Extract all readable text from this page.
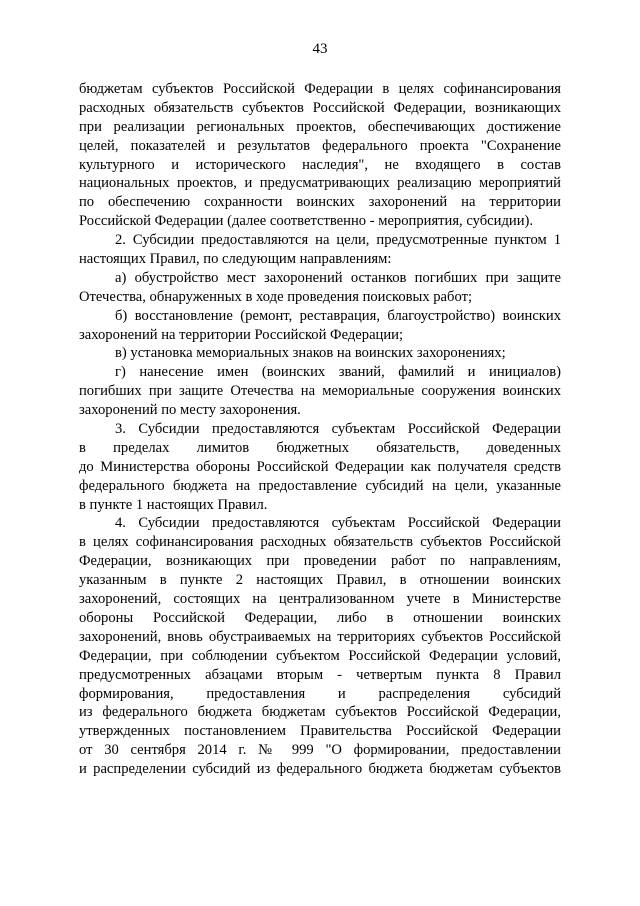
43
бюджетам субъектов Российской Федерации в целях софинансирования
расходных обязательств субъектов Российской Федерации, возникающих
при реализации региональных проектов, обеспечивающих достижение
целей, показателей и результатов федерального проекта "Сохранение
культурного и исторического наследия", не входящего в состав
национальных проектов, и предусматривающих реализацию мероприятий
по обеспечению сохранности воинских захоронений на территории
Российской Федерации (далее соответственно - мероприятия, субсидии).
2. Субсидии предоставляются на цели, предусмотренные пунктом 1
настоящих Правил, по следующим направлениям:
а) обустройство мест захоронений останков погибших при защите
Отечества, обнаруженных в ходе проведения поисковых работ;
б) восстановление (ремонт, реставрация, благоустройство) воинских
захоронений на территории Российской Федерации;
в) установка мемориальных знаков на воинских захоронениях;
г) нанесение имен (воинских званий, фамилий и инициалов)
погибших при защите Отечества на мемориальные сооружения воинских
захоронений по месту захоронения.
3. Субсидии предоставляются субъектам Российской Федерации
в пределах лимитов бюджетных обязательств, доведенных
до Министерства обороны Российской Федерации как получателя средств
федерального бюджета на предоставление субсидий на цели, указанные
в пункте 1 настоящих Правил.
4. Субсидии предоставляются субъектам Российской Федерации
в целях софинансирования расходных обязательств субъектов Российской
Федерации, возникающих при проведении работ по направлениям,
указанным в пункте 2 настоящих Правил, в отношении воинских
захоронений, состоящих на централизованном учете в Министерстве
обороны Российской Федерации, либо в отношении воинских
захоронений, вновь обустраиваемых на территориях субъектов Российской
Федерации, при соблюдении субъектом Российской Федерации условий,
предусмотренных абзацами вторым - четвертым пункта 8 Правил
формирования, предоставления и распределения субсидий
из федерального бюджета бюджетам субъектов Российской Федерации,
утвержденных постановлением Правительства Российской Федерации
от 30 сентября 2014 г. № 999 "О формировании, предоставлении
и распределении субсидий из федерального бюджета бюджетам субъектов
